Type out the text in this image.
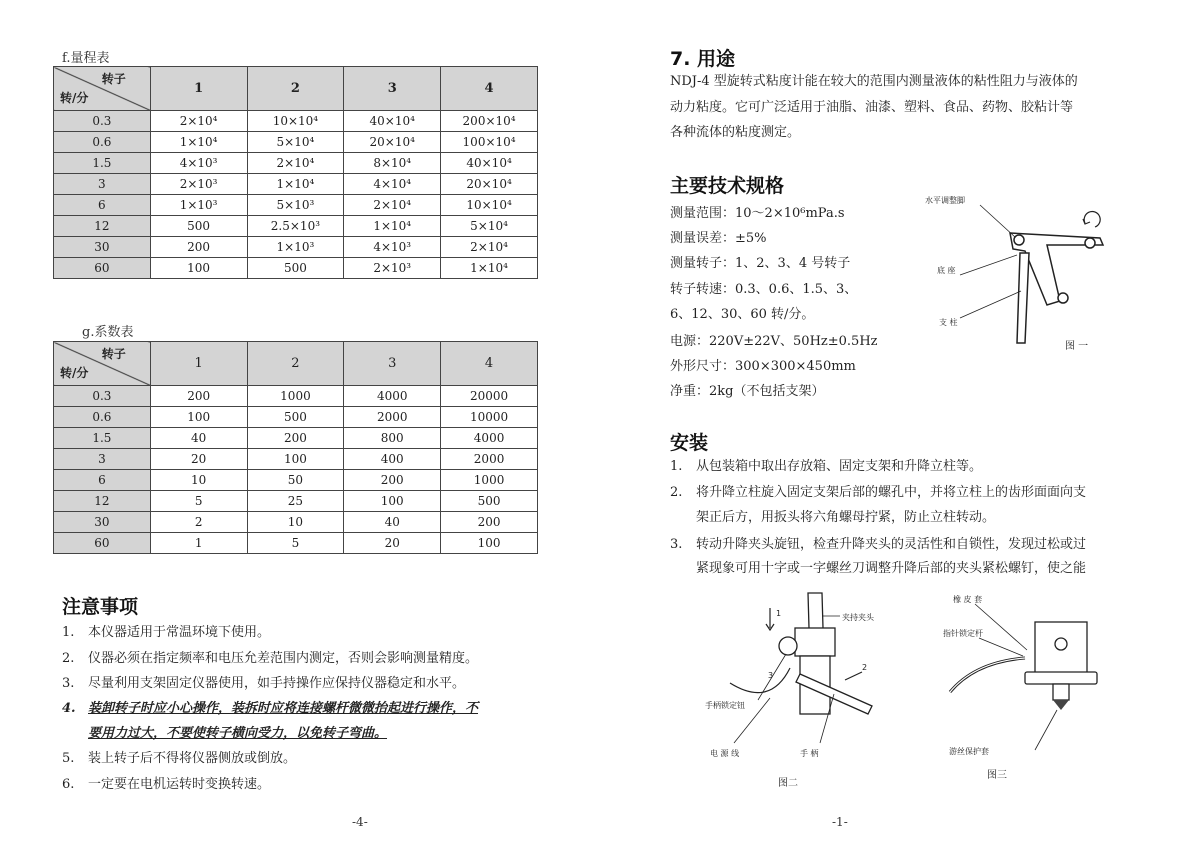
f.量程表
转子
转/分	1	2	3	4
0.3	2×10⁴	10×10⁴	40×10⁴	200×10⁴
0.6	1×10⁴	5×10⁴	20×10⁴	100×10⁴
1.5	4×10³	2×10⁴	8×10⁴	40×10⁴
3	2×10³	1×10⁴	4×10⁴	20×10⁴
6	1×10³	5×10³	2×10⁴	10×10⁴
12	500	2.5×10³	1×10⁴	5×10⁴
30	200	1×10³	4×10³	2×10⁴
60	100	500	2×10³	1×10⁴
g.系数表
转子
转/分	1	2	3	4
0.3	200	1000	4000	20000
0.6	100	500	2000	10000
1.5	40	200	800	4000
3	20	100	400	2000
6	10	50	200	1000
12	5	25	100	500
30	2	10	40	200
60	1	5	20	100
注意事项
1. 本仪器适用于常温环境下使用。
2. 仪器必须在指定频率和电压允差范围内测定，否则会影响测量精度。
3. 尽量利用支架固定仪器使用，如手持操作应保持仪器稳定和水平。
4. 装卸转子时应小心操作，装拆时应将连接螺杆微微抬起进行操作，不
要用力过大，不要使转子横向受力，以免转子弯曲。
5. 装上转子后不得将仪器侧放或倒放。
6. 一定要在电机运转时变换转速。
-4-
7. 用途
NDJ-4 型旋转式粘度计能在较大的范围内测量液体的粘性阻力与液体的
动力粘度。它可广泛适用于油脂、油漆、塑料、食品、药物、胶粘计等
各种流体的粘度测定。
主要技术规格
测量范围：10～2×10⁶mPa.s
测量误差：±5%
测量转子：1、2、3、4 号转子
转子转速：0.3、0.6、1.5、3、
6、12、30、60 转/分。
电源：220V±22V、50Hz±0.5Hz
外形尺寸：300×300×450mm
净重：2kg（不包括支架）
水平调整脚
底 座
支 柱
图 一
安装
1. 从包装箱中取出存放箱、固定支架和升降立柱等。
2. 将升降立柱旋入固定支架后部的螺孔中，并将立柱上的齿形面面向支
架正后方，用扳头将六角螺母拧紧，防止立柱转动。
3. 转动升降夹头旋钮，检查升降夹头的灵活性和自锁性，发现过松或过
紧现象可用十字或一字螺丝刀调整升降后部的夹头紧松螺钉，使之能
1
2
3
夹持夹头
手柄锁定钮
电 源 线	手 柄
图二
橡 皮 套
指针锁定杆
游丝保护套
图三
-1-
